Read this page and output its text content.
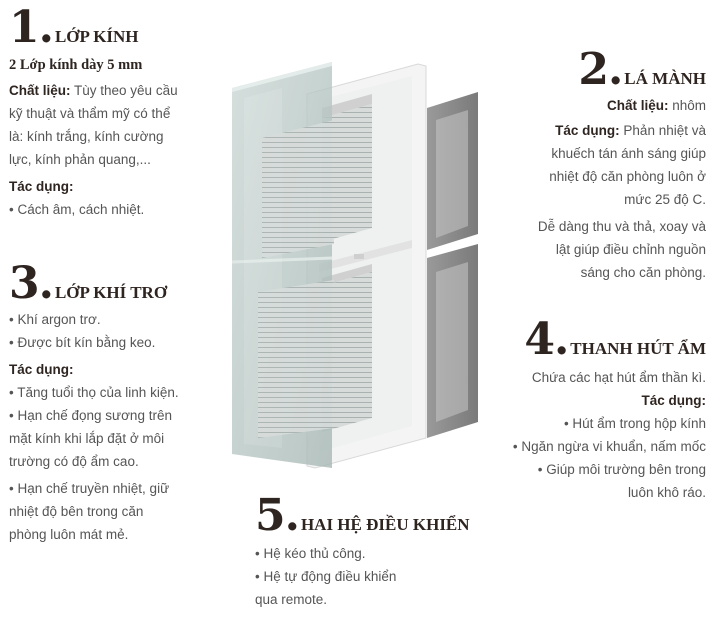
1. LỚP KÍNH

2 Lớp kính dày 5 mm

Chất liệu: Tùy theo yêu cầu

kỹ thuật và thẩm mỹ có thể

là: kính trắng, kính cường

lực, kính phản quang,...

Tác dụng:

• Cách âm, cách nhiệt.

2. LÁ MÀNH

Chất liệu: nhôm

Tác dụng: Phản nhiệt và

khuếch tán ánh sáng giúp

nhiệt độ căn phòng luôn ở

mức 25 độ C.

Dễ dàng thu và thả, xoay và

lật giúp điều chỉnh nguồn

sáng cho căn phòng.

3. LỚP KHÍ TRƠ

• Khí argon trơ.

• Được bít kín bằng keo.

Tác dụng:

• Tăng tuổi thọ của linh kiện.

• Hạn chế đọng sương trên

mặt kính khi lắp đặt ở môi

trường có độ ẩm cao.

• Hạn chế truyền nhiệt, giữ

nhiệt độ bên trong căn

phòng luôn mát mẻ.

4. THANH HÚT ẨM

Chứa các hạt hút ẩm thần kì.

Tác dụng:

• Hút ẩm trong hộp kính

• Ngăn ngừa vi khuẩn, nấm mốc

• Giúp môi trường bên trong

luôn khô ráo.

5. HAI HỆ ĐIỀU KHIỂN

• Hệ kéo thủ công.

• Hệ tự động điều khiển

qua remote.
